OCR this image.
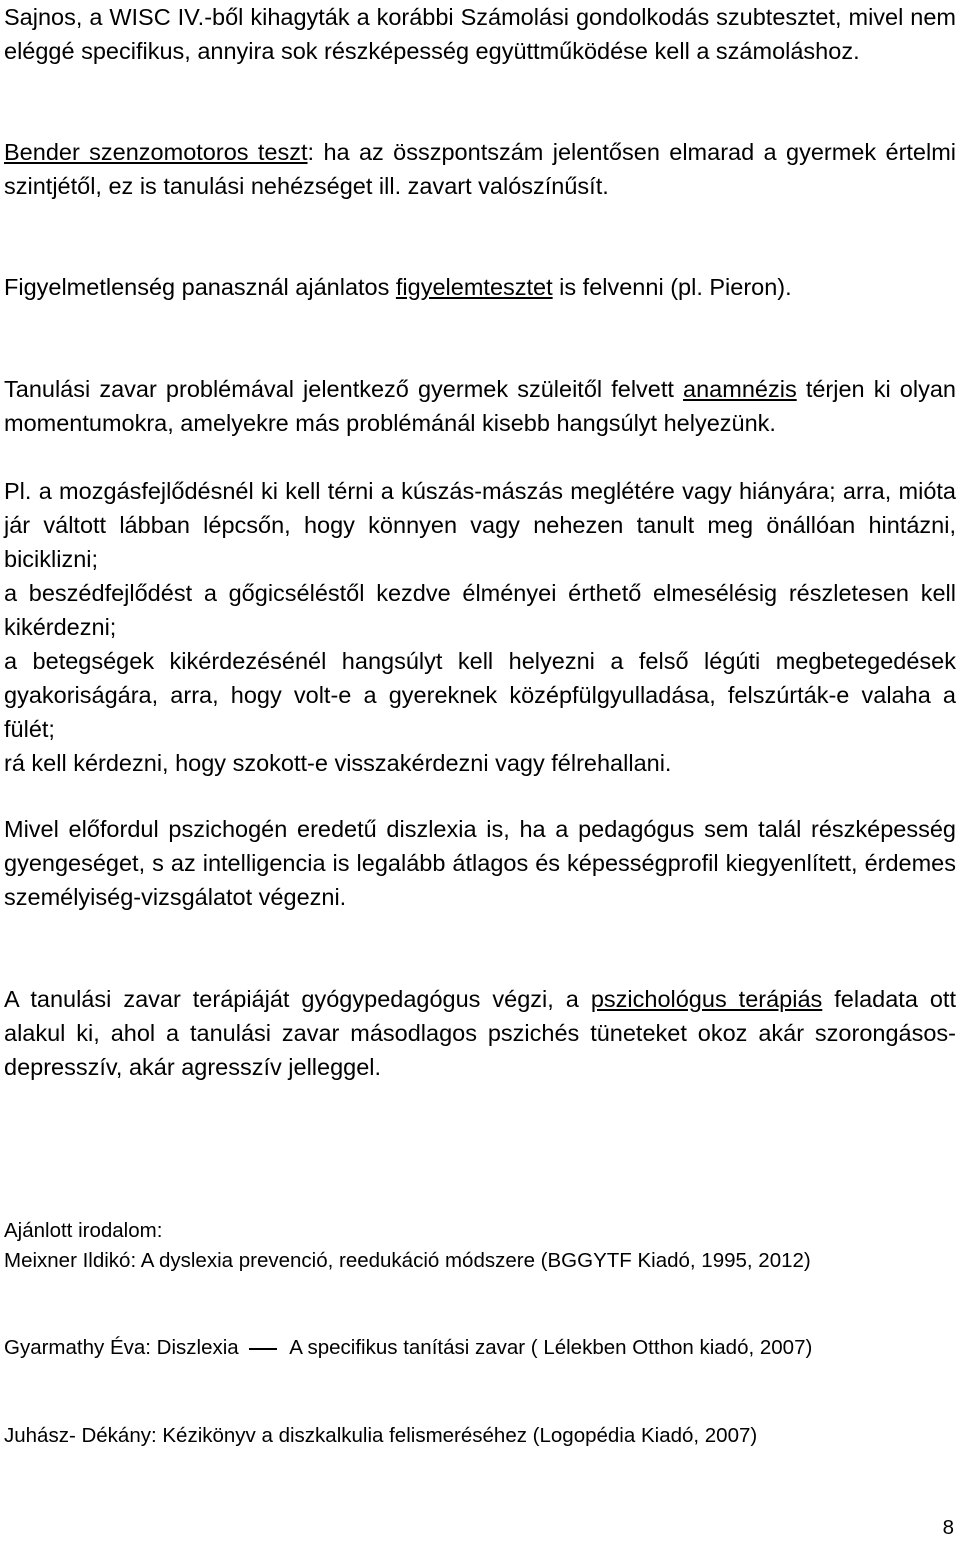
Sajnos, a WISC IV.-ből kihagyták a korábbi Számolási gondolkodás szubtesztet, mivel nem eléggé specifikus, annyira sok részképesség együttműködése kell a számoláshoz.

Bender szenzomotoros teszt: ha az összpontszám jelentősen elmarad a gyermek értelmi szintjétől, ez is tanulási nehézséget ill. zavart valószínűsít.

Figyelmetlenség panasznál ajánlatos figyelemtesztet is felvenni (pl. Pieron).

Tanulási zavar problémával jelentkező gyermek szüleitől felvett anamnézis térjen ki olyan momentumokra, amelyekre más problémánál kisebb hangsúlyt helyezünk.

Pl. a mozgásfejlődésnél ki kell térni a kúszás-mászás meglétére vagy hiányára; arra, mióta jár váltott lábban lépcsőn, hogy könnyen vagy nehezen tanult meg önállóan hintázni, biciklizni;

a beszédfejlődést a gőgicséléstől kezdve élményei érthető elmesélésig részletesen kell kikérdezni;

a betegségek kikérdezésénél hangsúlyt kell helyezni a felső légúti megbetegedések gyakoriságára, arra, hogy volt-e a gyereknek középfülgyulladása, felszúrták-e valaha a fülét;

rá kell kérdezni, hogy szokott-e visszakérdezni vagy félrehallani.

Mivel előfordul pszichogén eredetű diszlexia is, ha a pedagógus sem talál részképesség gyengeséget, s az intelligencia is legalább átlagos és képességprofil kiegyenlített, érdemes személyiség-vizsgálatot végezni.

A tanulási zavar terápiáját gyógypedagógus végzi, a pszichológus terápiás feladata ott alakul ki, ahol a tanulási zavar másodlagos pszichés tüneteket okoz akár szorongásos-depresszív, akár agresszív jelleggel.

Ajánlott irodalom:

Meixner Ildikó: A dyslexia prevenció, reedukáció módszere (BGGYTF Kiadó, 1995, 2012)

Gyarmathy Éva: Diszlexia A specifikus tanítási zavar ( Lélekben Otthon kiadó, 2007)

Juhász- Dékány: Kézikönyv a diszkalkulia felismeréséhez (Logopédia Kiadó, 2007)

8
